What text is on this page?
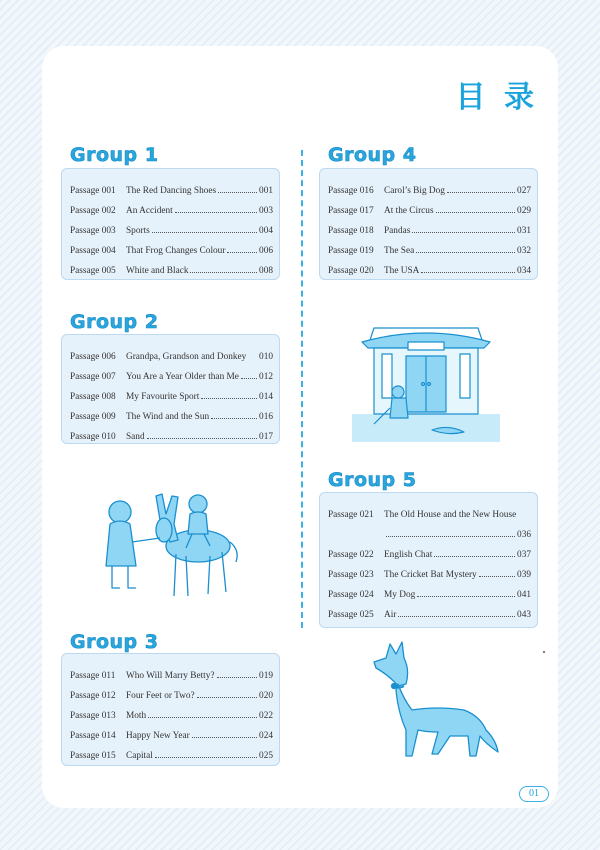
目 录
Group 1
Passage 001	The Red Dancing Shoes	001
Passage 002	An Accident	003
Passage 003	Sports	004
Passage 004	That Frog Changes Colour	006
Passage 005	White and Black	008
Group 2
Passage 006	Grandpa, Grandson and Donkey 010
Passage 007	You Are a Year Older than Me 012
Passage 008	My Favourite Sport	014
Passage 009	The Wind and the Sun	016
Passage 010	Sand	017
Group 3
Passage 011	Who Will Marry Betty?	019
Passage 012	Four Feet or Two?	020
Passage 013	Moth	022
Passage 014	Happy New Year	024
Passage 015	Capital	025
Group 4
Passage 016	Carol’s Big Dog	027
Passage 017	At the Circus	029
Passage 018	Pandas	031
Passage 019	The Sea	032
Passage 020	The USA	034
Group 5
Passage 021	The Old House and the New House
036
Passage 022	English Chat	037
Passage 023	The Cricket Bat Mystery	039
Passage 024	My Dog	041
Passage 025	Air	043
01
